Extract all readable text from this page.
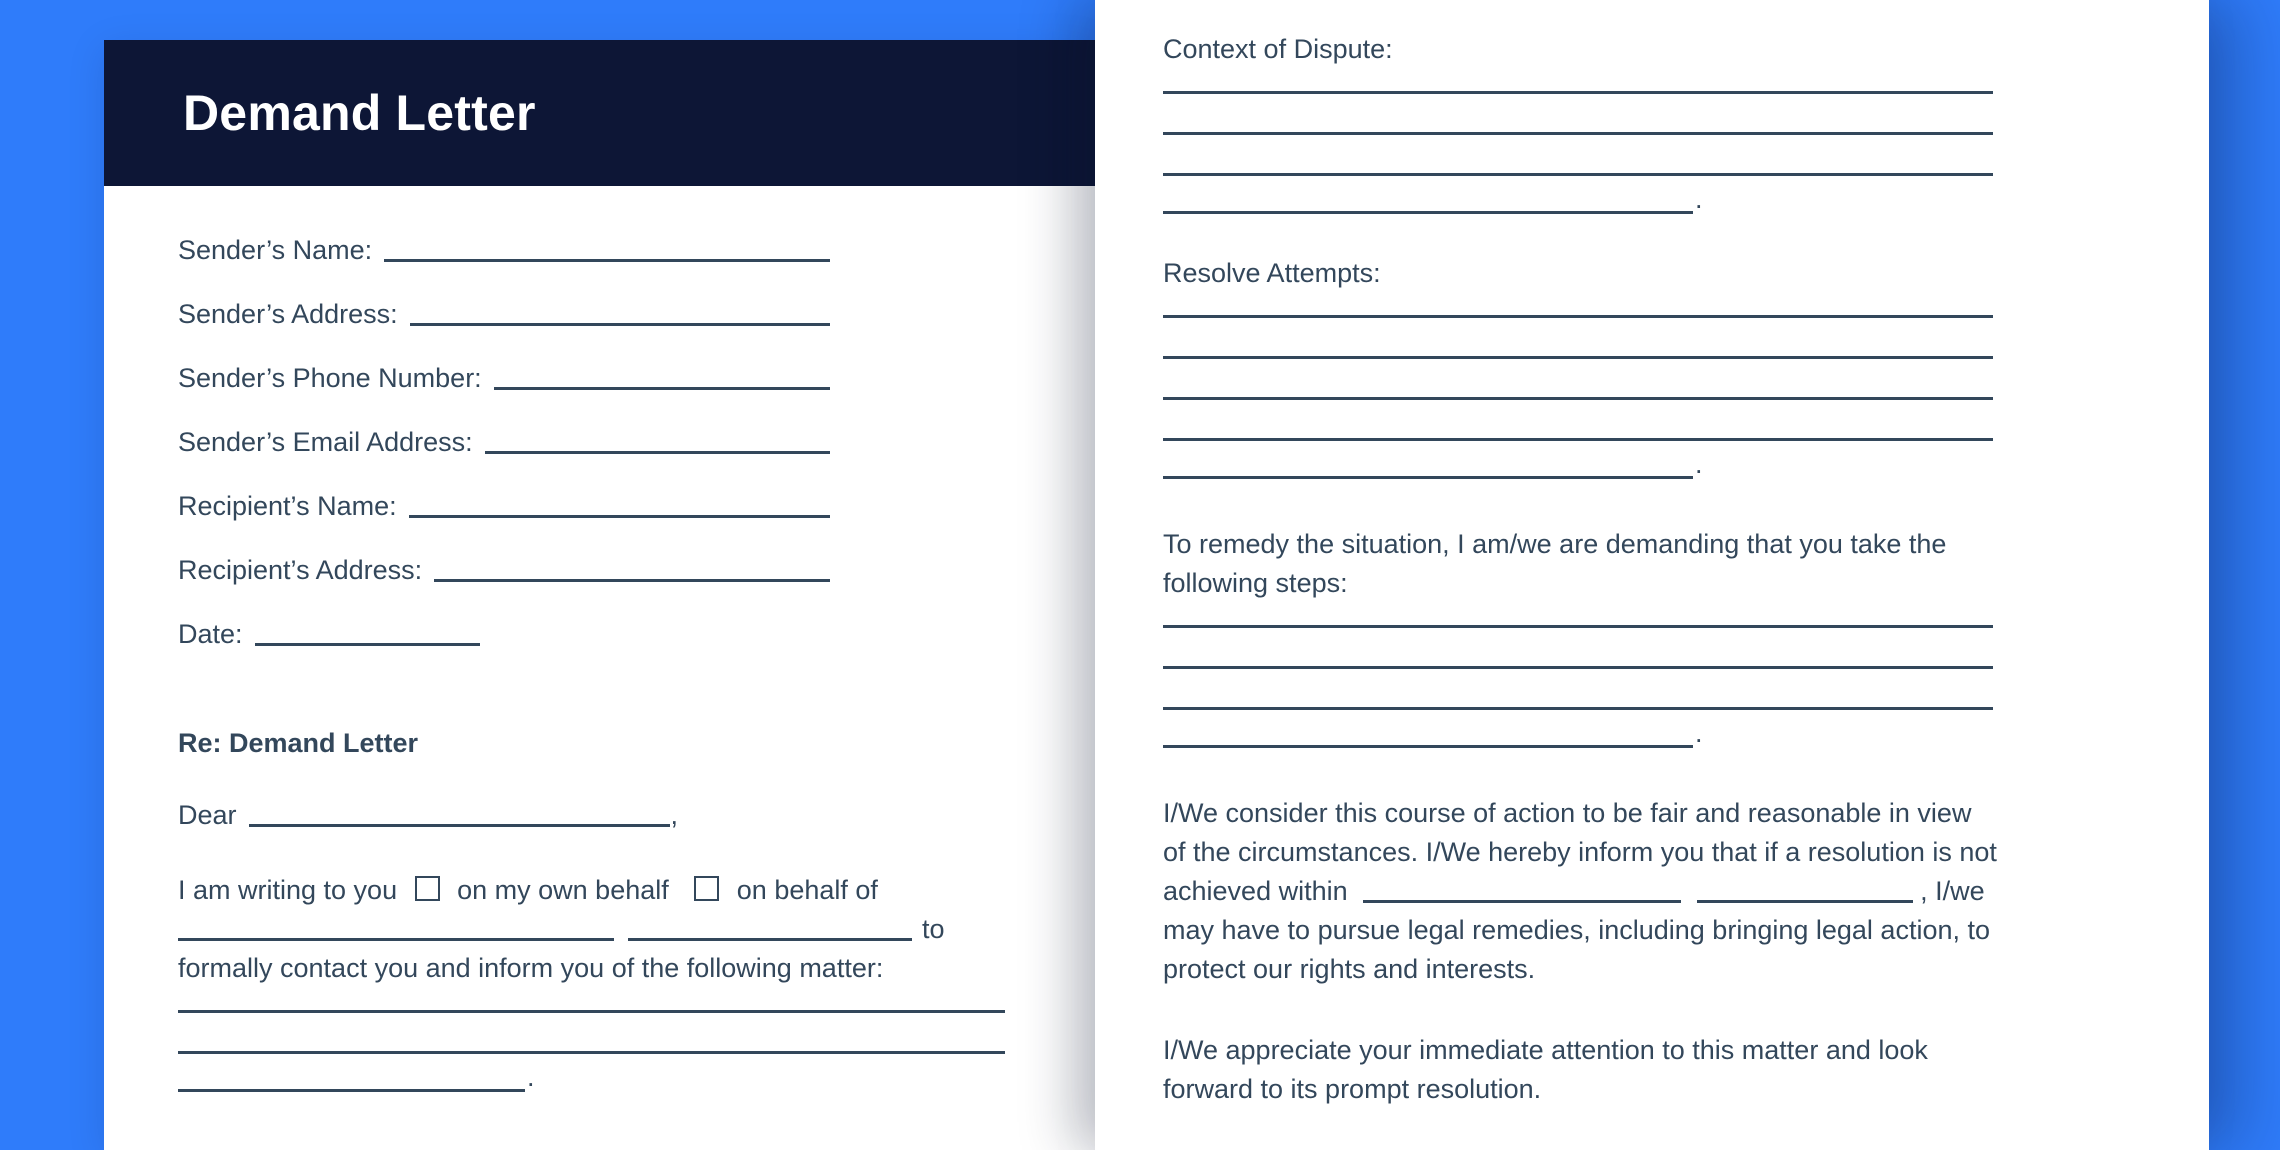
Demand Letter
Sender’s Name:
Sender’s Address:
Sender’s Phone Number:
Sender’s Email Address:
Recipient’s Name:
Recipient’s Address:
Date:
Re: Demand Letter
Dear	,
I am writing to you on my own behalf	on behalf of
to
formally contact you and inform you of the following matter:
.
Context of Dispute:
.
Resolve Attempts:
.
To remedy the situation, I am/we are demanding that you take the following steps:
.
I/We consider this course of action to be fair and reasonable in view of the circumstances. I/We hereby inform you that if a resolution is not achieved within	, I/we may have to pursue legal remedies, including bringing legal action, to protect our rights and interests.
I/We appreciate your immediate attention to this matter and look forward to its prompt resolution.
